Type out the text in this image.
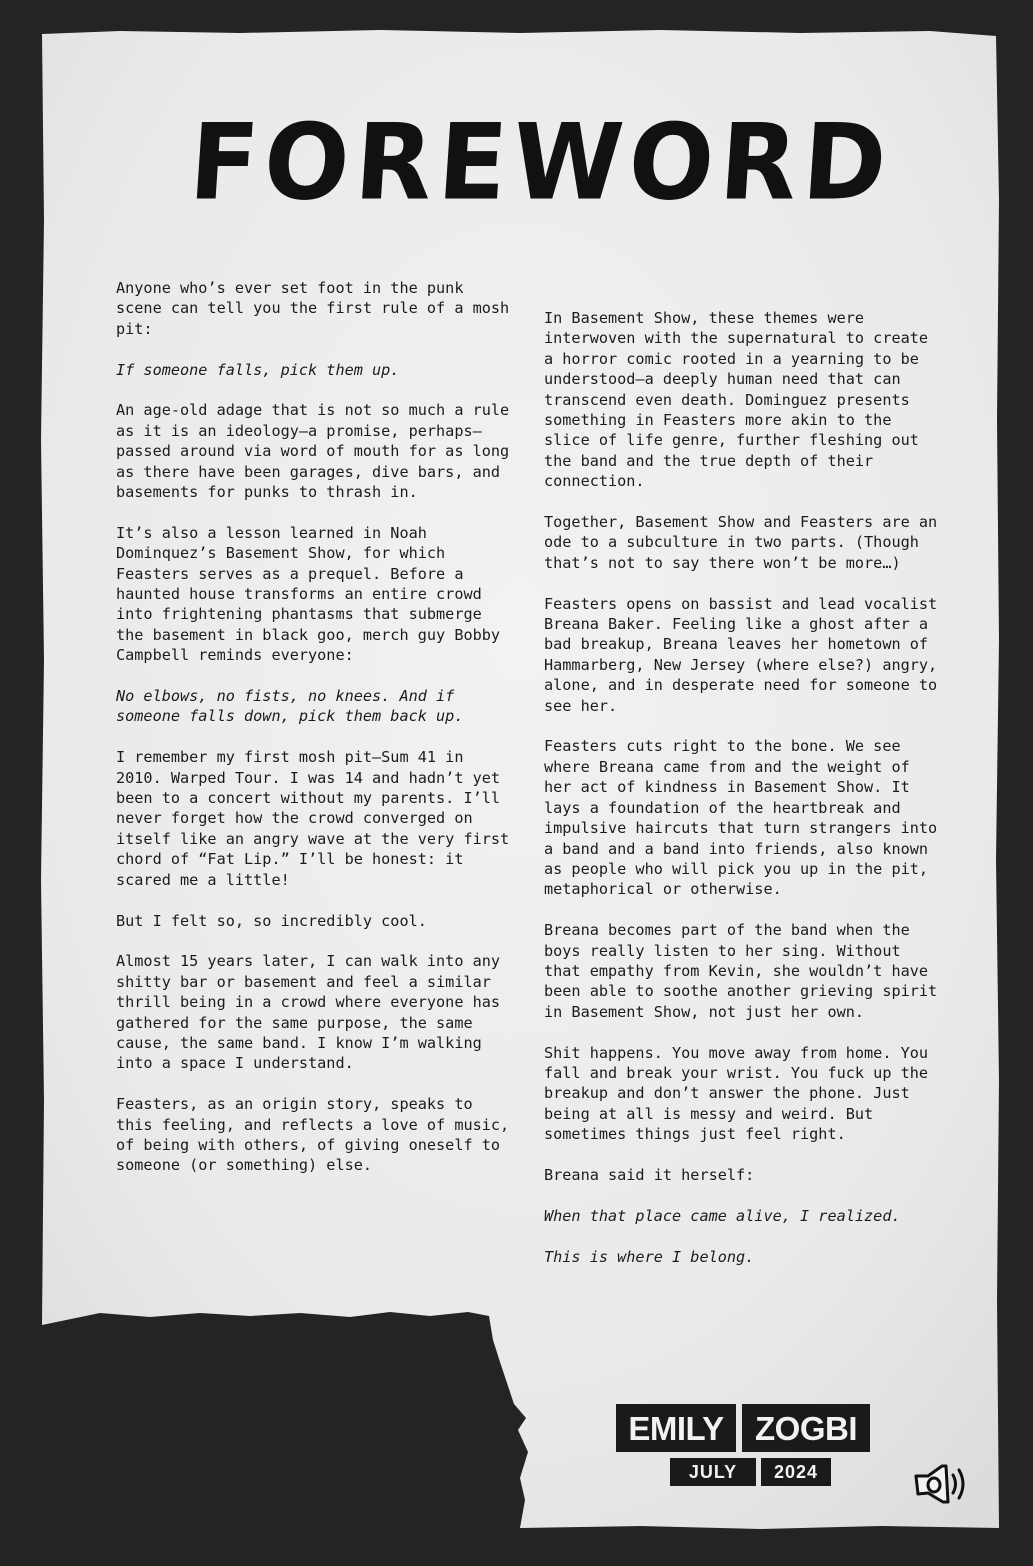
FOREWORD

Anyone who’s ever set foot in the punk scene can tell you the first rule of a mosh pit:

If someone falls, pick them up.

An age-old adage that is not so much a rule as it is an ideology—a promise, perhaps—passed around via word of mouth for as long as there have been garages, dive bars, and basements for punks to thrash in.

It’s also a lesson learned in Noah Dominquez’s Basement Show, for which Feasters serves as a prequel. Before a haunted house transforms an entire crowd into frightening phantasms that submerge the basement in black goo, merch guy Bobby Campbell reminds everyone:

No elbows, no fists, no knees. And if someone falls down, pick them back up.

I remember my first mosh pit—Sum 41 in 2010. Warped Tour. I was 14 and hadn’t yet been to a concert without my parents. I’ll never forget how the crowd converged on itself like an angry wave at the very first chord of “Fat Lip.” I’ll be honest: it scared me a little!

But I felt so, so incredibly cool.

Almost 15 years later, I can walk into any shitty bar or basement and feel a similar thrill being in a crowd where everyone has gathered for the same purpose, the same cause, the same band. I know I’m walking into a space I understand.

Feasters, as an origin story, speaks to this feeling, and reflects a love of music, of being with others, of giving oneself to someone (or something) else.

In Basement Show, these themes were interwoven with the supernatural to create a horror comic rooted in a yearning to be understood—a deeply human need that can transcend even death. Dominguez presents something in Feasters more akin to the slice of life genre, further fleshing out the band and the true depth of their connection.

Together, Basement Show and Feasters are an ode to a subculture in two parts. (Though that’s not to say there won’t be more…)

Feasters opens on bassist and lead vocalist Breana Baker. Feeling like a ghost after a bad breakup, Breana leaves her hometown of Hammarberg, New Jersey (where else?) angry, alone, and in desperate need for someone to see her.

Feasters cuts right to the bone. We see where Breana came from and the weight of her act of kindness in Basement Show. It lays a foundation of the heartbreak and impulsive haircuts that turn strangers into a band and a band into friends, also known as people who will pick you up in the pit, metaphorical or otherwise.

Breana becomes part of the band when the boys really listen to her sing. Without that empathy from Kevin, she wouldn’t have been able to soothe another grieving spirit in Basement Show, not just her own.

Shit happens. You move away from home. You fall and break your wrist. You fuck up the breakup and don’t answer the phone. Just being at all is messy and weird. But sometimes things just feel right.

Breana said it herself:

When that place came alive, I realized.

This is where I belong.

EMILY ZOGBI
JULY	2024
